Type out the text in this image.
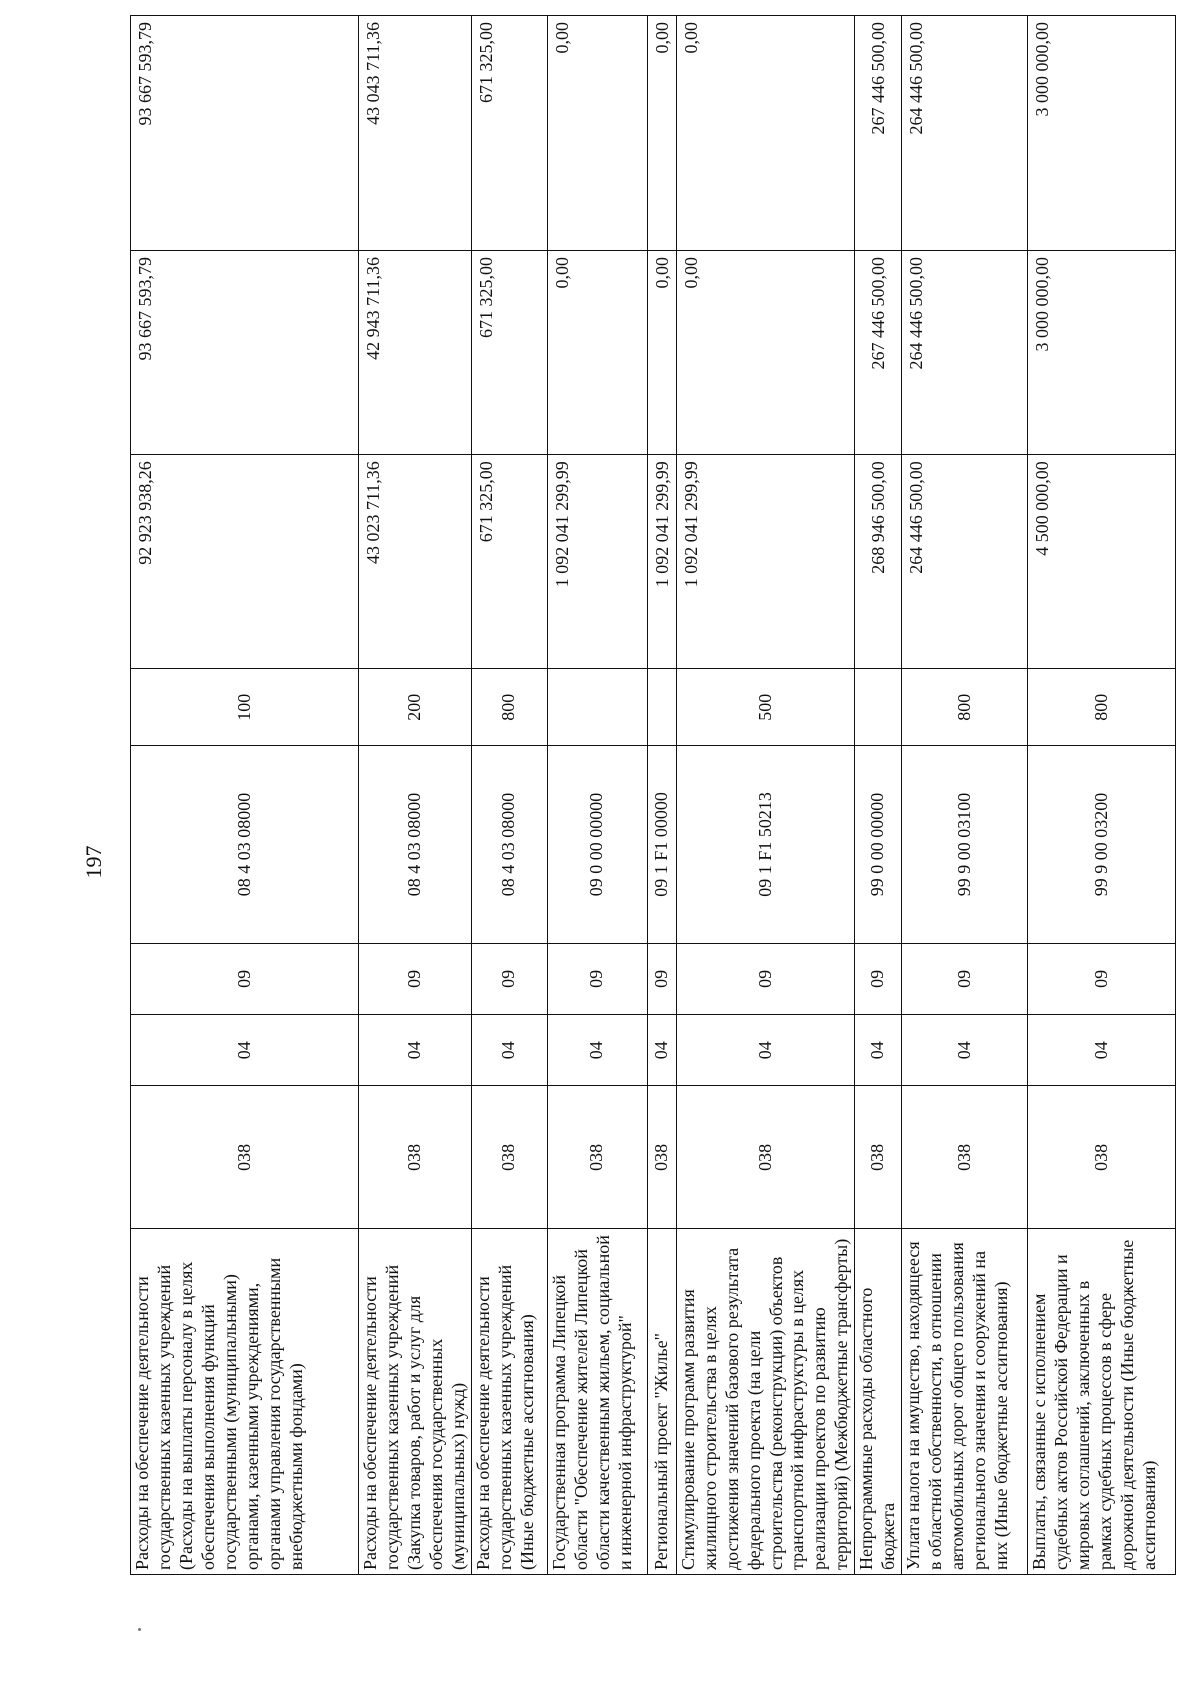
197
Расходы на обеспечение деятельности государственных казенных учреждений (Расходы на выплаты персоналу в целях обеспечения выполнения функций государственными (муниципальными) органами, казенными учреждениями, органами управления государственными внебюджетными фондами)	038	04	09	08 4 03 08000	100	92 923 938,26	93 667 593,79	93 667 593,79
Расходы на обеспечение деятельности государственных казенных учреждений (Закупка товаров, работ и услуг для обеспечения государственных (муниципальных) нужд)	038	04	09	08 4 03 08000	200	43 023 711,36	42 943 711,36	43 043 711,36
Расходы на обеспечение деятельности государственных казенных учреждений (Иные бюджетные ассигнования)	038	04	09	08 4 03 08000	800	671 325,00	671 325,00	671 325,00
Государственная программа Липецкой области "Обеспечение жителей Липецкой области качественным жильем, социальной и инженерной инфраструктурой"	038	04	09	09 0 00 00000		1 092 041 299,99	0,00	0,00
Региональный проект "Жилье"	038	04	09	09 1 F1 00000		1 092 041 299,99	0,00	0,00
Стимулирование программ развития жилищного строительства в целях достижения значений базового результата федерального проекта (на цели строительства (реконструкции) объектов транспортной инфраструктуры в целях реализации проектов по развитию территорий) (Межбюджетные трансферты)	038	04	09	09 1 F1 50213	500	1 092 041 299,99	0,00	0,00
Непрограммные расходы областного бюджета	038	04	09	99 0 00 00000		268 946 500,00	267 446 500,00	267 446 500,00
Уплата налога на имущество, находящееся в областной собственности, в отношении автомобильных дорог общего пользования регионального значения и сооружений на них (Иные бюджетные ассигнования)	038	04	09	99 9 00 03100	800	264 446 500,00	264 446 500,00	264 446 500,00
Выплаты, связанные с исполнением судебных актов Российской Федерации и мировых соглашений, заключенных в рамках судебных процессов в сфере дорожной деятельности (Иные бюджетные ассигнования)	038	04	09	99 9 00 03200	800	4 500 000,00	3 000 000,00	3 000 000,00
